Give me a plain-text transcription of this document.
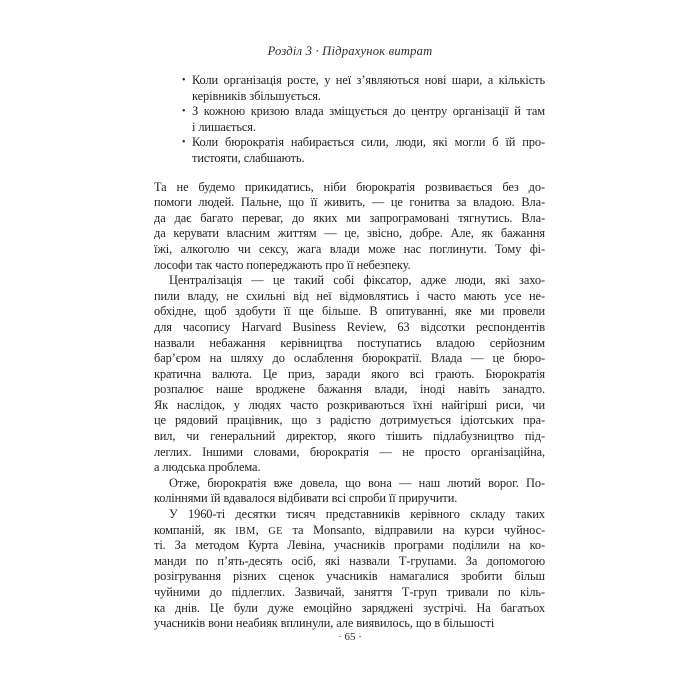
Розділ 3 · Підрахунок витрат
• Коли організація росте, у неї з’являються нові шари, а кількість
керівників збільшується.
• З кожною кризою влада зміщується до центру організації й там
і лишається.
• Коли бюрократія набирається сили, люди, які могли б їй про-
тистояти, слабшають.
Та не будемо прикидатись, ніби бюрократія розвивається без до-
помоги людей. Пальне, що її живить, — це гонитва за владою. Вла-
да дає багато переваг, до яких ми запрограмовані тягнутись. Вла-
да керувати власним життям — це, звісно, добре. Але, як бажання
їжі, алкоголю чи сексу, жага влади може нас поглинути. Тому фі-
лософи так часто попереджають про її небезпеку.
Централізація — це такий собі фіксатор, адже люди, які захо-
пили владу, не схильні від неї відмовлятись і часто мають усе не-
обхідне, щоб здобути її ще більше. В опитуванні, яке ми провели
для часопису Harvard Business Review, 63 відсотки респондентів
назвали небажання керівництва поступатись владою серйозним
бар’єром на шляху до ослаблення бюрократії. Влада — це бюро-
кратична валюта. Це приз, заради якого всі грають. Бюрократія
розпалює наше вроджене бажання влади, іноді навіть занадто.
Як наслідок, у людях часто розкриваються їхні найгірші риси, чи
це рядовий працівник, що з радістю дотримується ідіотських пра-
вил, чи генеральний директор, якого тішить підлабузництво під-
леглих. Іншими словами, бюрократія — не просто організаційна,
а людська проблема.
Отже, бюрократія вже довела, що вона — наш лютий ворог. По-
коліннями їй вдавалося відбивати всі спроби її приручити.
У 1960-ті десятки тисяч представників керівного складу таких
компаній, як IBM, GE та Monsanto, відправили на курси чуйнос-
ті. За методом Курта Левіна, учасників програми поділили на ко-
манди по п’ять-десять осіб, які назвали Т-групами. За допомогою
розігрування різних сценок учасників намагалися зробити більш
чуйними до підлеглих. Зазвичай, заняття Т-груп тривали по кіль-
ка днів. Це були дуже емоційно заряджені зустрічі. На багатьох
учасників вони неабияк вплинули, але виявилось, що в більшості
· 65 ·
